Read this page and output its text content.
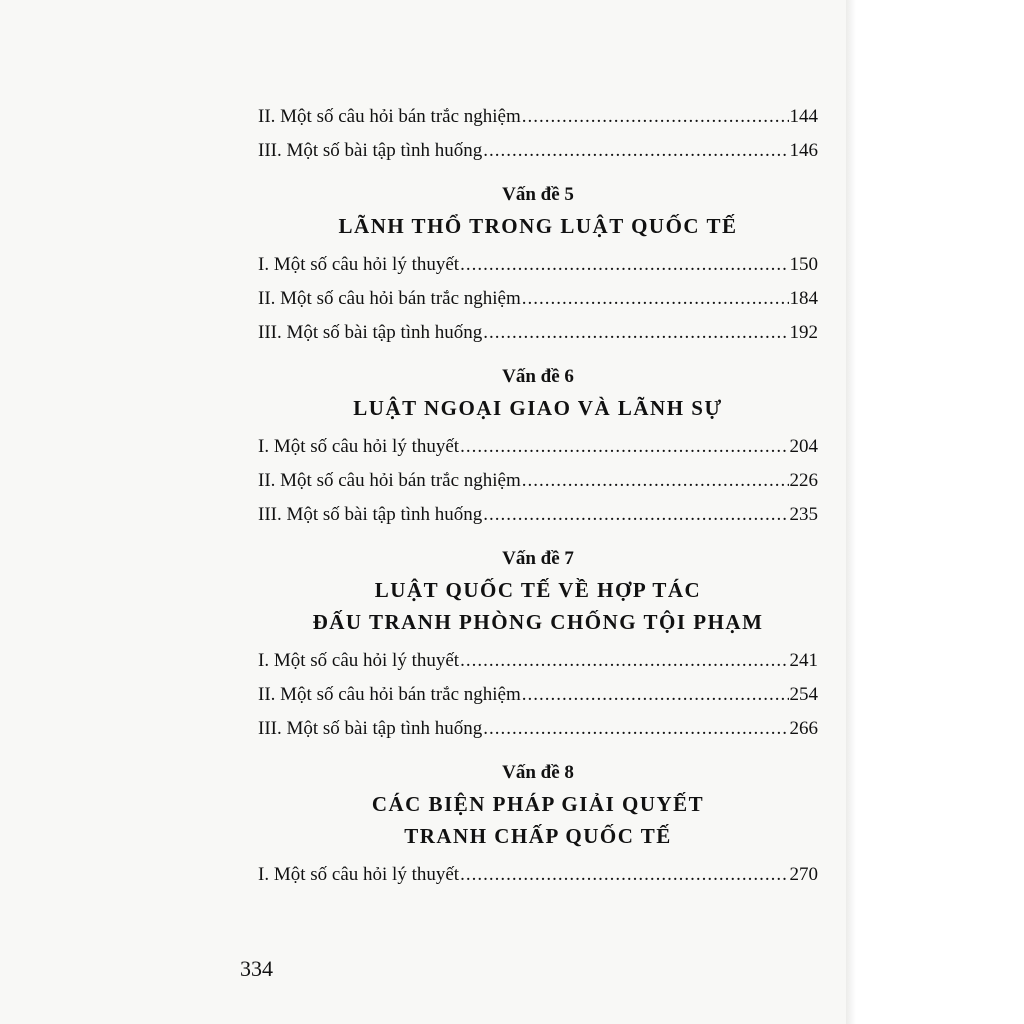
II. Một số câu hỏi bán trắc nghiệm .....	144
III. Một số bài tập tình huống .....	146
Vấn đề 5
LÃNH THỔ TRONG LUẬT QUỐC TẾ
I. Một số câu hỏi lý thuyết .....	150
II. Một số câu hỏi bán trắc nghiệm .....	184
III. Một số bài tập tình huống .....	192
Vấn đề 6
LUẬT NGOẠI GIAO VÀ LÃNH SỰ
I. Một số câu hỏi lý thuyết .....	204
II. Một số câu hỏi bán trắc nghiệm .....	226
III. Một số bài tập tình huống .....	235
Vấn đề 7
LUẬT QUỐC TẾ VỀ HỢP TÁC
ĐẤU TRANH PHÒNG CHỐNG TỘI PHẠM
I. Một số câu hỏi lý thuyết .....	241
II. Một số câu hỏi bán trắc nghiệm .....	254
III. Một số bài tập tình huống .....	266
Vấn đề 8
CÁC BIỆN PHÁP GIẢI QUYẾT
TRANH CHẤP QUỐC TẾ
I. Một số câu hỏi lý thuyết .....	270
334
